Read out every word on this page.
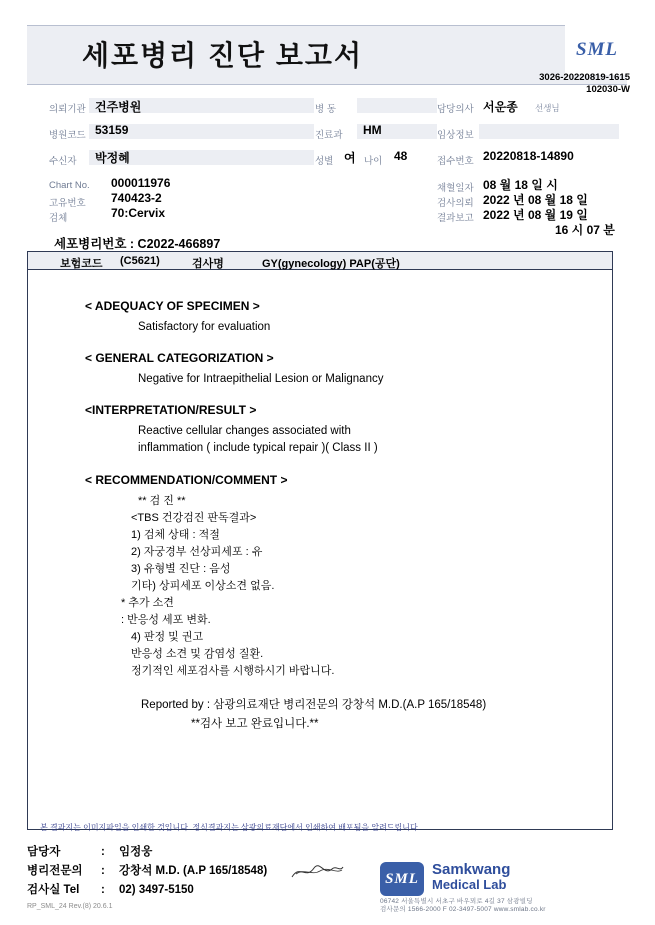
세포병리 진단 보고서	SML
3026-20220819-1615
102030-W
의뢰기관 건주병원	병 동	담당의사 서운종 선생님
병원코드 53159	진료과 HM	임상정보
수신자 박정혜	성별 여 나이 48	접수번호 20220818-14890
Chart No. 000011976	채혈일자 08 월 18 일 시
고유번호 740423-2	검사의뢰 2022 년 08 월 18 일
검체	70:Cervix	결과보고 2022 년 08 월 19 일
16 시 07 분
세포병리번호 : C2022-466897
보험코드 (C5621)	검사명	GY(gynecology) PAP(공단)
< ADEQUACY OF SPECIMEN >
Satisfactory for evaluation
< GENERAL CATEGORIZATION >
Negative for Intraepithelial Lesion or Malignancy
<INTERPRETATION/RESULT >
Reactive cellular changes associated with
inflammation ( include typical repair )( Class II )
< RECOMMENDATION/COMMENT >
** 검 진 **
<TBS 건강검진 판독결과>
1) 검체 상태 : 적절
2) 자궁경부 선상피세포 : 유
3) 유형별 진단 : 음성
기타) 상피세포 이상소견 없음.
* 추가 소견
: 반응성 세포 변화.
4) 판정 및 권고
반응성 소견 및 감염성 질환.
정기적인 세포검사를 시행하시기 바랍니다.
Reported by : 삼광의료재단 병리전문의 강창석 M.D.(A.P 165/18548)
**검사 보고 완료입니다.**
본 결과지는 이미지파일을 인쇄한 것입니다. 정식결과지는 삼광의료재단에서 인쇄하여 배포됨을 알려드립니다.
담당자	: 임정웅
병리전문의 : 강창석 M.D. (A.P 165/18548)
검사실 Tel : 02) 3497-5150
SML
Samkwang
Medical Lab
06742 서울특별시 서초구 바우뫼로 4길 37 삼광빌딩
검사문의 1566-2000 F 02-3497-5007 www.smlab.co.kr
RP_SML_24 Rev.(8) 20.6.1
